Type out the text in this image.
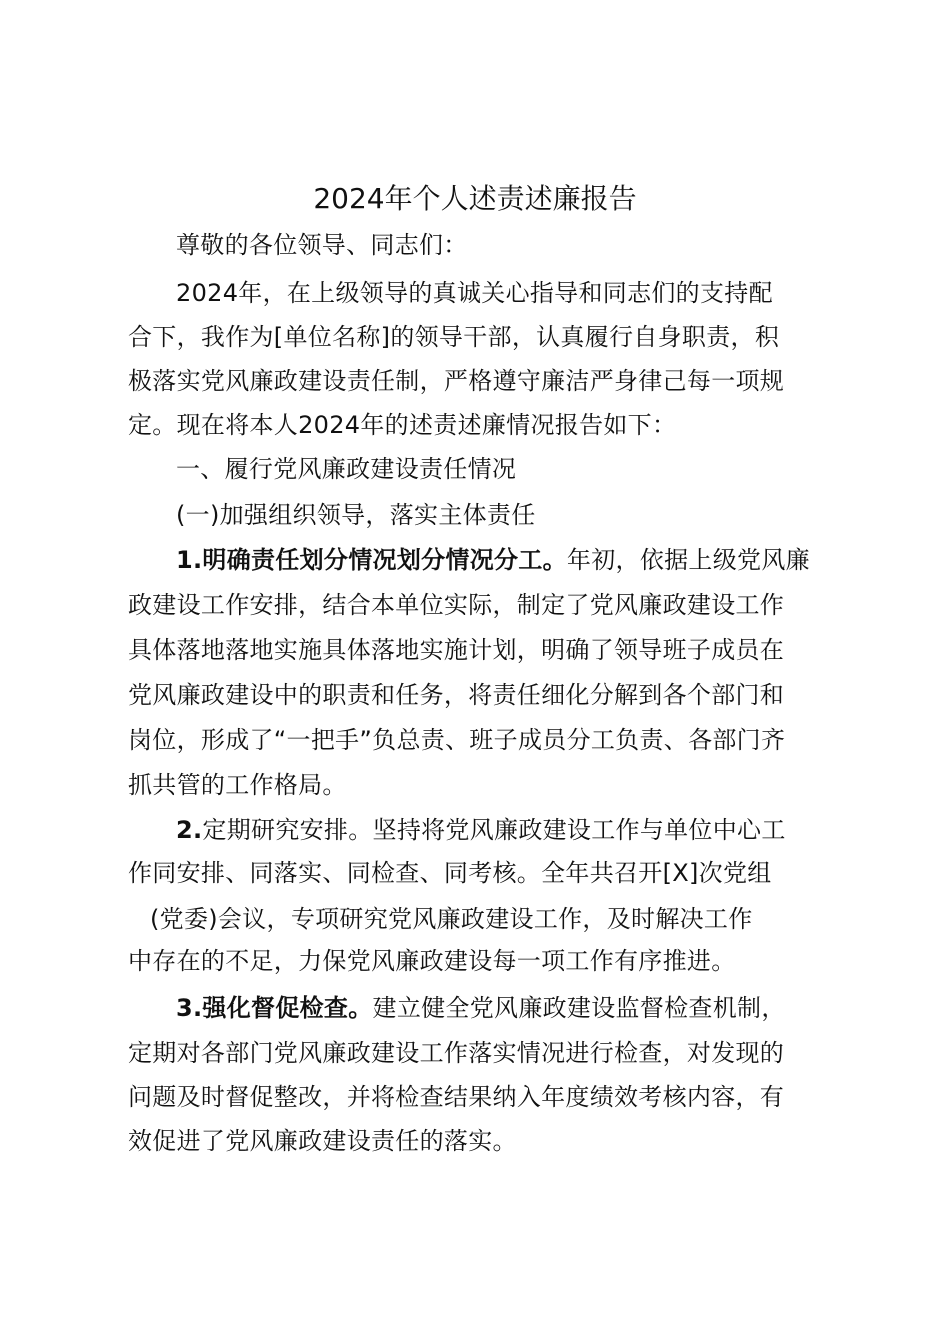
2024年个人述责述廉报告
尊敬的各位领导、同志们：
2024年，在上级领导的真诚关心指导和同志们的支持配
合下，我作为[单位名称]的领导干部，认真履行自身职责，积
极落实党风廉政建设责任制，严格遵守廉洁严身律己每一项规
定。现在将本人2024年的述责述廉情况报告如下：
一、履行党风廉政建设责任情况
(一)加强组织领导，落实主体责任
1.明确责任划分情况划分情况分工。年初，依据上级党风廉
政建设工作安排，结合本单位实际，制定了党风廉政建设工作
具体落地落地实施具体落地实施计划，明确了领导班子成员在
党风廉政建设中的职责和任务，将责任细化分解到各个部门和
岗位，形成了“一把手”负总责、班子成员分工负责、各部门齐
抓共管的工作格局。
2.定期研究安排。坚持将党风廉政建设工作与单位中心工
作同安排、同落实、同检查、同考核。全年共召开[X]次党组
(党委)会议，专项研究党风廉政建设工作，及时解决工作
中存在的不足，力保党风廉政建设每一项工作有序推进。
3.强化督促检查。建立健全党风廉政建设监督检查机制，
定期对各部门党风廉政建设工作落实情况进行检查，对发现的
问题及时督促整改，并将检查结果纳入年度绩效考核内容，有
效促进了党风廉政建设责任的落实。
